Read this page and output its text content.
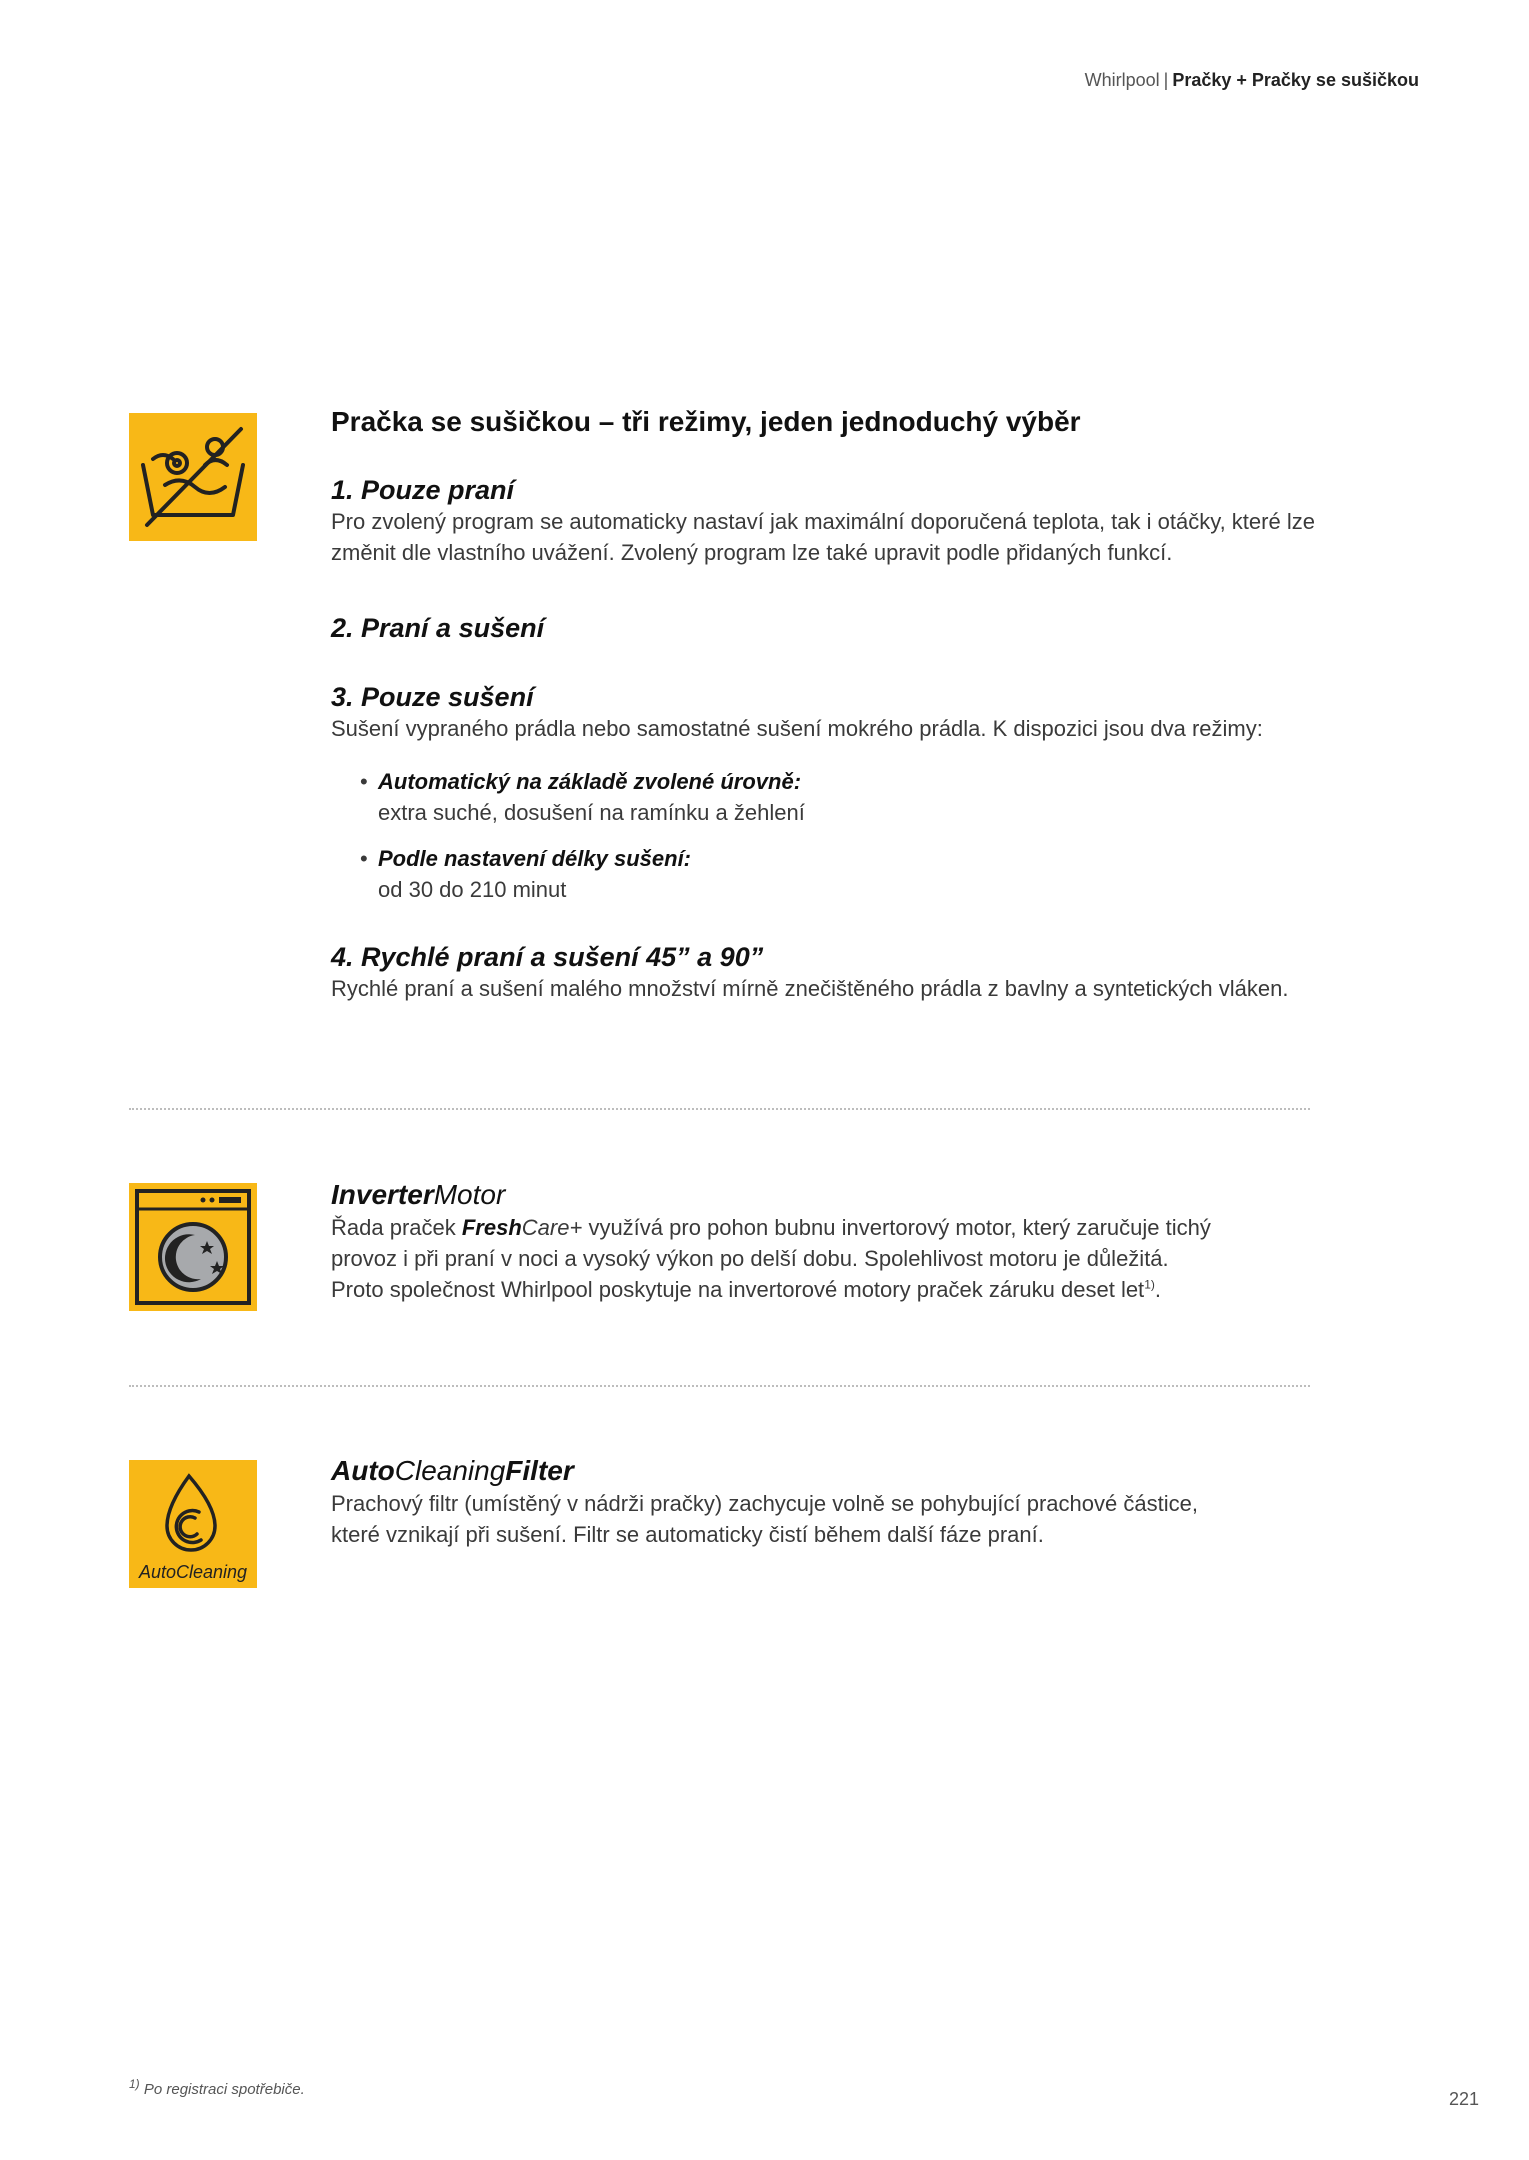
Whirlpool | Pračky + Pračky se sušičkou
Pračka se sušičkou – tři režimy, jeden jednoduchý výběr
1. Pouze praní

Pro zvolený program se automaticky nastaví jak maximální doporučená teplota, tak i otáčky, které lze

změnit dle vlastního uvážení. Zvolený program lze také upravit podle přidaných funkcí.

2. Praní a sušení
3. Pouze sušení

Sušení vypraného prádla nebo samostatné sušení mokrého prádla. K dispozici jsou dva režimy:

• Automatický na základě zvolené úrovně:
extra suché, dosušení na ramínku a žehlení
• Podle nastavení délky sušení:
od 30 do 210 minut
4. Rychlé praní a sušení 45” a 90”

Rychlé praní a sušení malého množství mírně znečištěného prádla z bavlny a syntetických vláken.

InverterMotor

Řada praček FreshCare+ využívá pro pohon bubnu invertorový motor, který zaručuje tichý

provoz i při praní v noci a vysoký výkon po delší dobu. Spolehlivost motoru je důležitá.

Proto společnost Whirlpool poskytuje na invertorové motory praček záruku deset let$^{1)}$.

AutoCleaning
AutoCleaningFilter

Prachový filtr (umístěný v nádrži pračky) zachycuje volně se pohybující prachové částice,

které vznikají při sušení. Filtr se automaticky čistí během další fáze praní.

$^{1)}$ Po registraci spotřebiče.	221
